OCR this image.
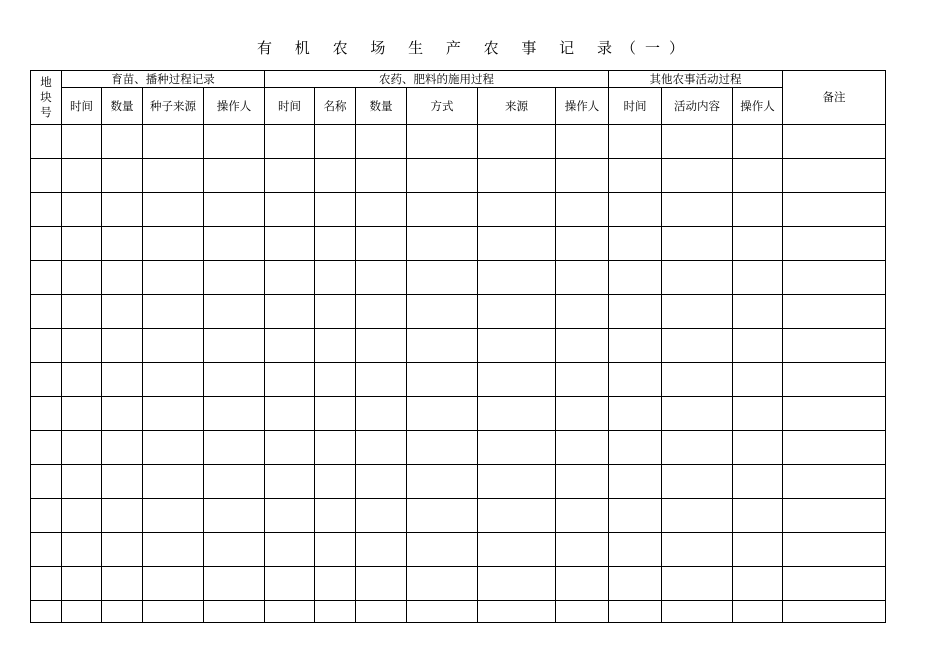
有 机 农 场 生 产 农 事 记 录（一）
地
块
号	育苗、播种过程记录				农药、肥料的施用过程						其他农事活动过程			备注
	时间	数量	种子来源	操作人	时间	名称	数量	方式	来源	操作人	时间	活动内容	操作人	
